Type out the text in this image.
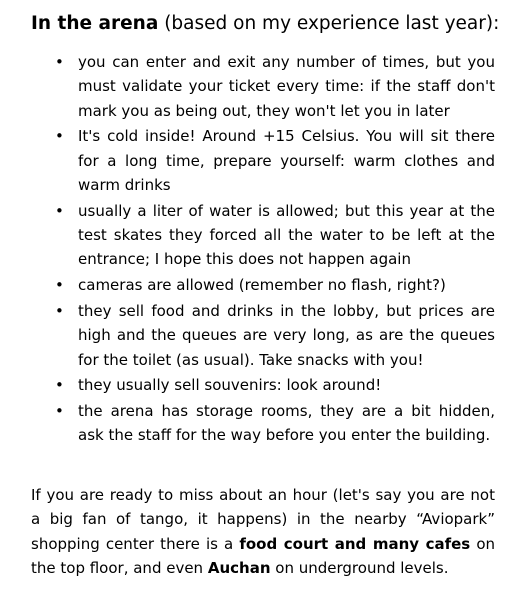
In the arena (based on my experience last year):
• you can enter and exit any number of times, but you must validate your ticket every time: if the staff don't mark you as being out, they won't let you in later
• It's cold inside! Around +15 Celsius. You will sit there for a long time, prepare yourself: warm clothes and warm drinks
• usually a liter of water is allowed; but this year at the test skates they forced all the water to be left at the entrance; I hope this does not happen again
• cameras are allowed (remember no flash, right?)
• they sell food and drinks in the lobby, but prices are high and the queues are very long, as are the queues for the toilet (as usual). Take snacks with you!
• they usually sell souvenirs: look around!
• the arena has storage rooms, they are a bit hidden, ask the staff for the way before you enter the building.

If you are ready to miss about an hour (let's say you are not a big fan of tango, it happens) in the nearby “Aviopark” shopping center there is a food court and many cafes on the top floor, and even Auchan on underground levels.
